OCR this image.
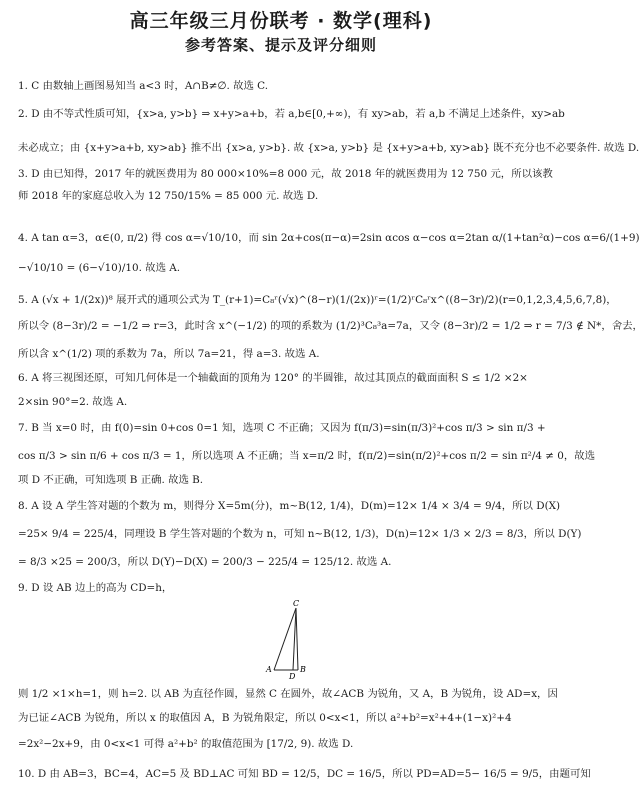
高三年级三月份联考 · 数学(理科)
参考答案、提示及评分细则
1. C 由数轴上画图易知当 a<3 时，A∩B≠∅. 故选 C.
2. D 由不等式性质可知，{x>a, y>b} ⇒ x+y>a+b，若 a,b∈[0,+∞)，有 xy>ab，若 a,b 不满足上述条件，xy>ab
未必成立；由 {x+y>a+b, xy>ab} 推不出 {x>a, y>b}. 故 {x>a, y>b} 是 {x+y>a+b, xy>ab} 既不充分也不必要条件. 故选 D.
3. D 由已知得，2017 年的就医费用为 80 000×10%=8 000 元，故 2018 年的就医费用为 12 750 元，所以该教
师 2018 年的家庭总收入为 12 750/15% = 85 000 元. 故选 D.
4. A tan α=3，α∈(0, π/2) 得 cos α=√10/10，而 sin 2α+cos(π−α)=2sin αcos α−cos α=2tan α/(1+tan²α)−cos α=6/(1+9)
−√10/10 = (6−√10)/10. 故选 A.
5. A (√x + 1/(2x))⁸ 展开式的通项公式为 T_(r+1)=C₈ʳ(√x)^(8−r)(1/(2x))ʳ=(1/2)ʳC₈ʳx^((8−3r)/2)(r=0,1,2,3,4,5,6,7,8)，
所以令 (8−3r)/2 = −1/2 ⇒ r=3，此时含 x^(−1/2) 的项的系数为 (1/2)³C₈³a=7a，又令 (8−3r)/2 = 1/2 ⇒ r = 7/3 ∉ N*，舍去，
所以含 x^(1/2) 项的系数为 7a，所以 7a=21，得 a=3. 故选 A.
6. A 将三视图还原，可知几何体是一个轴截面的顶角为 120° 的半圆锥，故过其顶点的截面面积 S ≤ 1/2 ×2×
2×sin 90°=2. 故选 A.
7. B 当 x=0 时，由 f(0)=sin 0+cos 0=1 知，选项 C 不正确；又因为 f(π/3)=sin(π/3)²+cos π/3 > sin π/3 +
cos π/3 > sin π/6 + cos π/3 = 1，所以选项 A 不正确；当 x=π/2 时，f(π/2)=sin(π/2)²+cos π/2 = sin π²/4 ≠ 0，故选
项 D 不正确，可知选项 B 正确. 故选 B.
8. A 设 A 学生答对题的个数为 m，则得分 X=5m(分)，m~B(12, 1/4)，D(m)=12× 1/4 × 3/4 = 9/4，所以 D(X)
=25× 9/4 = 225/4，同理设 B 学生答对题的个数为 n，可知 n~B(12, 1/3)，D(n)=12× 1/3 × 2/3 = 8/3，所以 D(Y)
= 8/3 ×25 = 200/3，所以 D(Y)−D(X) = 200/3 − 225/4 = 125/12. 故选 A.
9. D 设 AB 边上的高为 CD=h，
C
A
D
B
则 1/2 ×1×h=1，则 h=2. 以 AB 为直径作圆，显然 C 在圆外，故∠ACB 为锐角，又 A，B 为锐角，设 AD=x，因
为已证∠ACB 为锐角，所以 x 的取值因 A，B 为锐角限定，所以 0<x<1，所以 a²+b²=x²+4+(1−x)²+4
=2x²−2x+9，由 0<x<1 可得 a²+b² 的取值范围为 [17/2, 9). 故选 D.
10. D 由 AB=3，BC=4，AC=5 及 BD⊥AC 可知 BD = 12/5，DC = 16/5，所以 PD=AD=5− 16/5 = 9/5，由题可知
